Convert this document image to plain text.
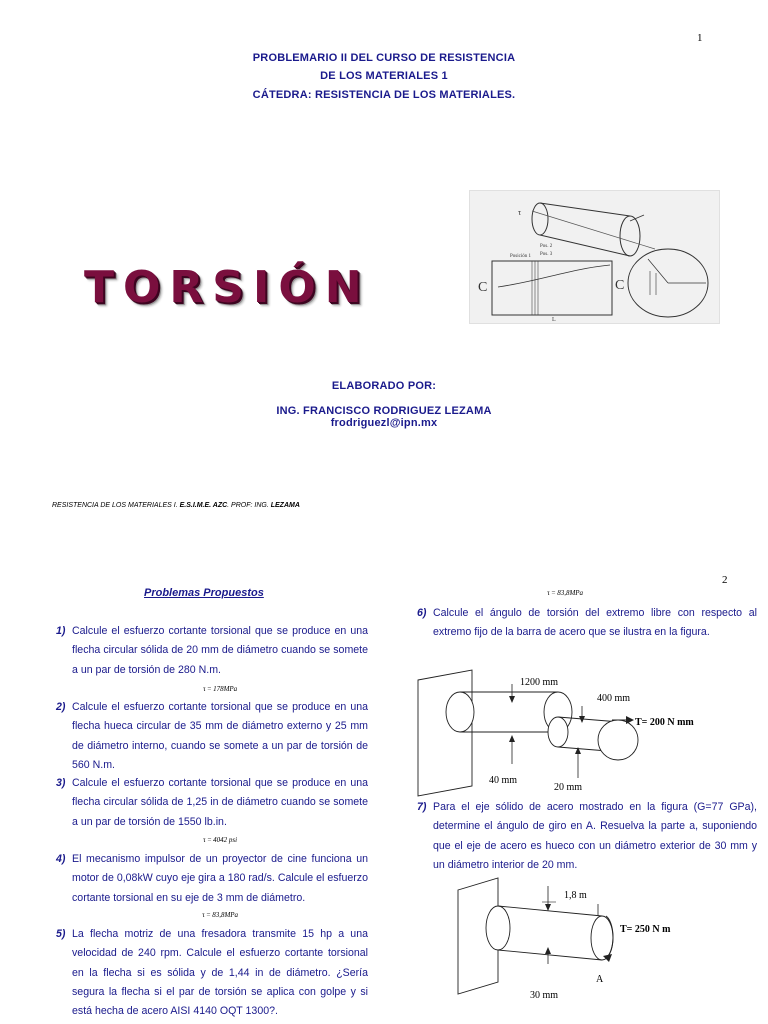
1
PROBLEMARIO II DEL CURSO DE RESISTENCIA
DE LOS MATERIALES 1
CÁTEDRA: RESISTENCIA DE LOS MATERIALES.
TORSIÓN
τ
C	C
Posición 1
Pos. 2
Pos. 3
L
ELABORADO POR:
ING. FRANCISCO RODRIGUEZ LEZAMA
frodriguezl@ipn.mx
RESISTENCIA DE LOS MATERIALES I. E.S.I.M.E. AZC. PROF: ING. LEZAMA
2
Problemas Propuestos	τ = 83,8MPa
1) Calcule el esfuerzo cortante torsional que se produce en una flecha circular sólida de 20 mm de diámetro cuando se somete a un par de torsión de 280 N.m.
τ = 178MPa
2) Calcule el esfuerzo cortante torsional que se produce en una flecha hueca circular de 35 mm de diámetro externo y 25 mm de diámetro interno, cuando se somete a un par de torsión de 560 N.m.
3) Calcule el esfuerzo cortante torsional que se produce en una flecha circular sólida de 1,25 in de diámetro cuando se somete a un par de torsión de 1550 lb.in.
τ = 4042 psi
4) El mecanismo impulsor de un proyector de cine funciona un motor de 0,08kW cuyo eje gira a 180 rad/s. Calcule el esfuerzo cortante torsional en su eje de 3 mm de diámetro.
τ = 83,8MPa
5) La flecha motriz de una fresadora transmite 15 hp a una velocidad de 240 rpm. Calcule el esfuerzo cortante torsional en la flecha si es sólida y de 1,44 in de diámetro. ¿Sería segura la flecha si el par de torsión se aplica con golpe y si está hecha de acero AISI 4140 OQT 1300?.
6) Calcule el ángulo de torsión del extremo libre con respecto al extremo fijo de la barra de acero que se ilustra en la figura.
1200 mm
400 mm
T= 200 N mm
40 mm
20 mm
7) Para el eje sólido de acero mostrado en la figura (G=77 GPa), determine el ángulo de giro en A. Resuelva la parte a, suponiendo que el eje de acero es hueco con un diámetro exterior de 30 mm y un diámetro interior de 20 mm.
1,8 m
T= 250 N m
30 mm
A
